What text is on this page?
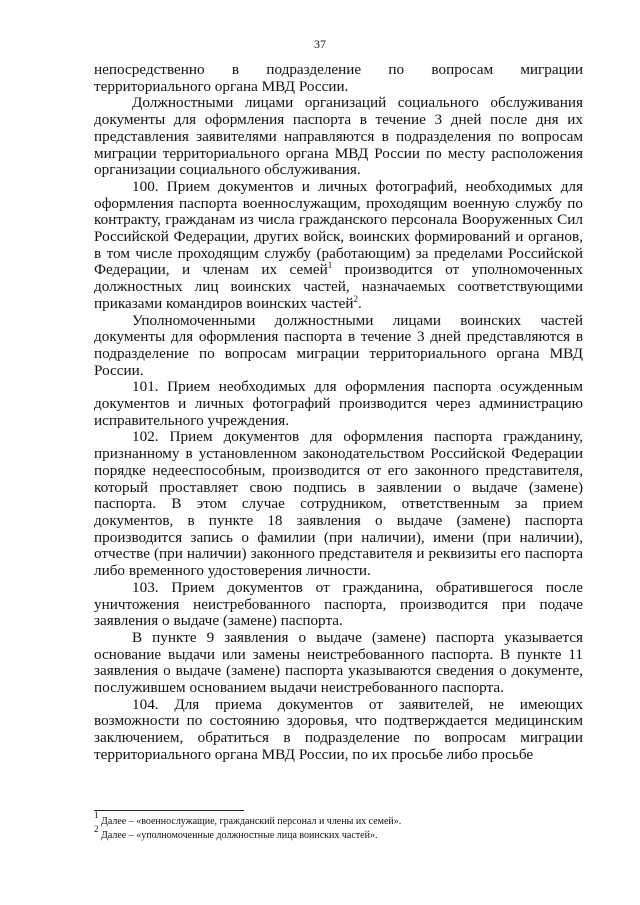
37

непосредственно в подразделение по вопросам миграции территориального органа МВД России.

Должностными лицами организаций социального обслуживания документы для оформления паспорта в течение 3 дней после дня их представления заявителями направляются в подразделения по вопросам миграции территориального органа МВД России по месту расположения организации социального обслуживания.

100. Прием документов и личных фотографий, необходимых для оформления паспорта военнослужащим, проходящим военную службу по контракту, гражданам из числа гражданского персонала Вооруженных Сил Российской Федерации, других войск, воинских формирований и органов, в том числе проходящим службу (работающим) за пределами Российской Федерации, и членам их семей$^1$ производится от уполномоченных должностных лиц воинских частей, назначаемых соответствующими приказами командиров воинских частей$^2$.

Уполномоченными должностными лицами воинских частей документы для оформления паспорта в течение 3 дней представляются в подразделение по вопросам миграции территориального органа МВД России.

101. Прием необходимых для оформления паспорта осужденным документов и личных фотографий производится через администрацию исправительного учреждения.

102. Прием документов для оформления паспорта гражданину, признанному в установленном законодательством Российской Федерации порядке недееспособным, производится от его законного представителя, который проставляет свою подпись в заявлении о выдаче (замене) паспорта. В этом случае сотрудником, ответственным за прием документов, в пункте 18 заявления о выдаче (замене) паспорта производится запись о фамилии (при наличии), имени (при наличии), отчестве (при наличии) законного представителя и реквизиты его паспорта либо временного удостоверения личности.

103. Прием документов от гражданина, обратившегося после уничтожения неистребованного паспорта, производится при подаче заявления о выдаче (замене) паспорта.

В пункте 9 заявления о выдаче (замене) паспорта указывается основание выдачи или замены неистребованного паспорта. В пункте 11 заявления о выдаче (замене) паспорта указываются сведения о документе, послужившем основанием выдачи неистребованного паспорта.

104. Для приема документов от заявителей, не имеющих возможности по состоянию здоровья, что подтверждается медицинским заключением, обратиться в подразделение по вопросам миграции территориального органа МВД России, по их просьбе либо просьбе

$^1$ Далее – «военнослужащие, гражданский персонал и члены их семей».

$^2$ Далее – «уполномоченные должностные лица воинских частей».
